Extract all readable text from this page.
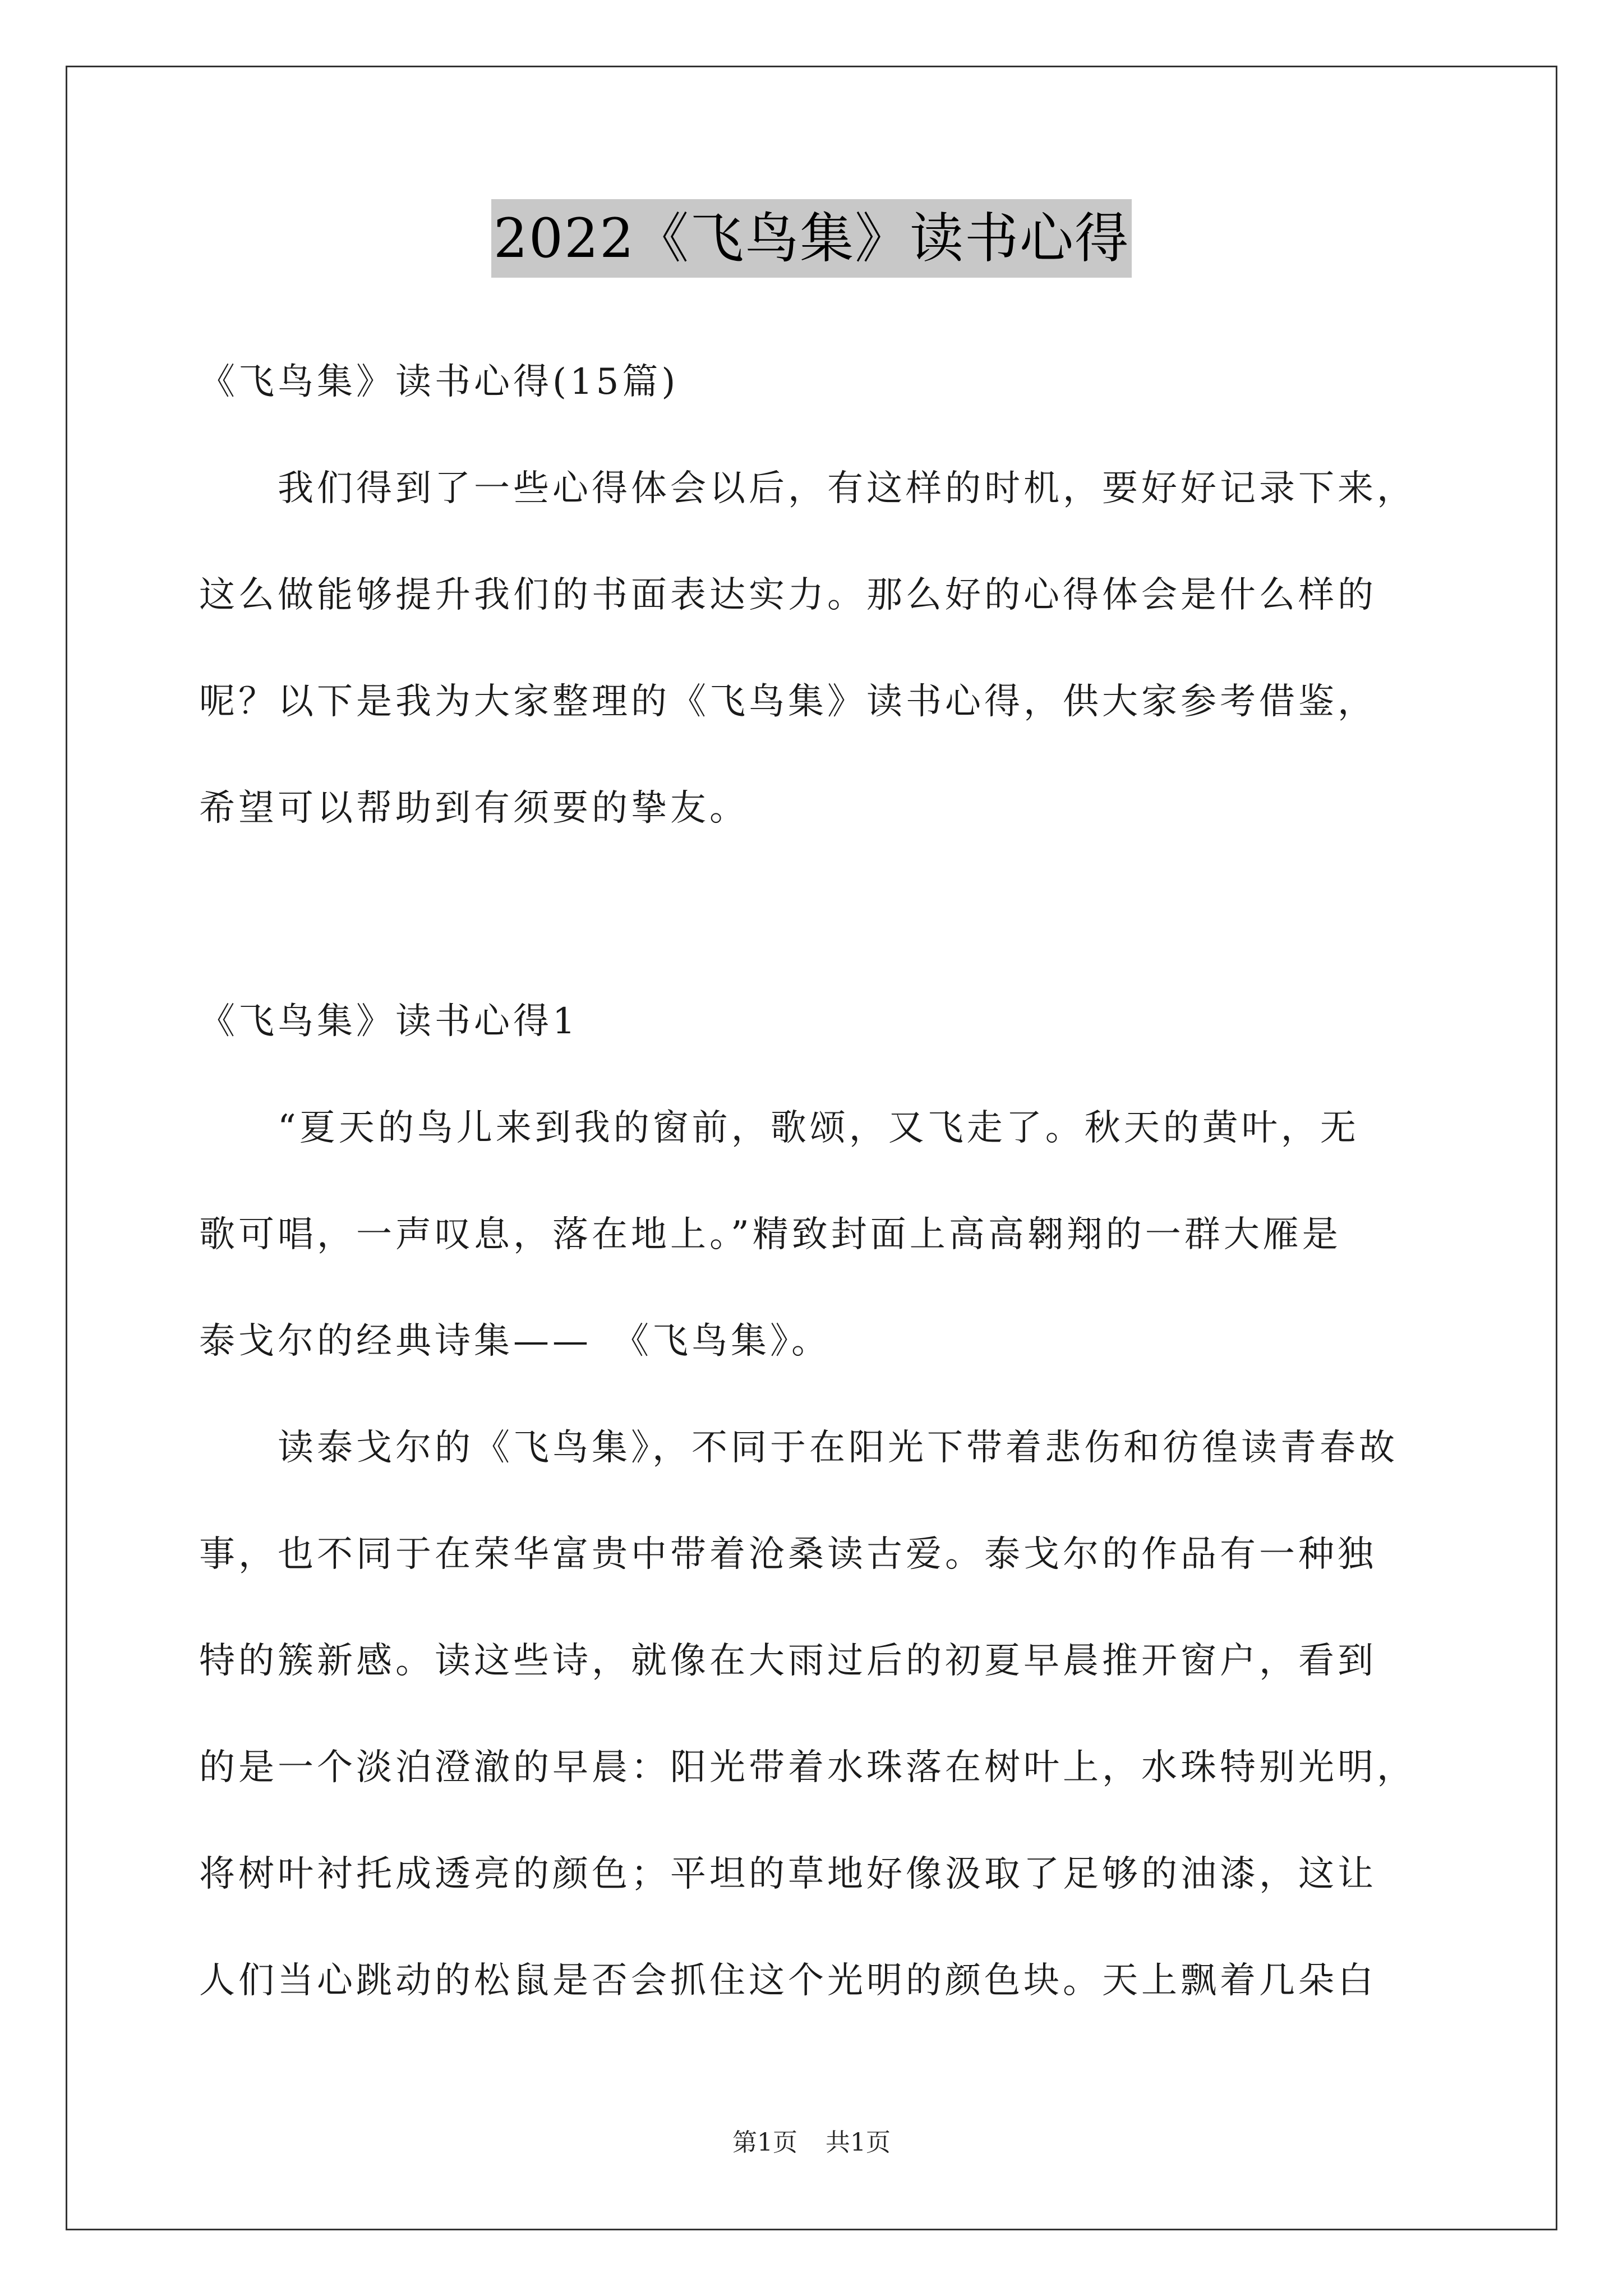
2022《飞鸟集》读书心得
《飞鸟集》读书心得(15篇)
　　我们得到了一些心得体会以后，有这样的时机，要好好记录下来，
这么做能够提升我们的书面表达实力。那么好的心得体会是什么样的
呢？以下是我为大家整理的《飞鸟集》读书心得，供大家参考借鉴，
希望可以帮助到有须要的挚友。
《飞鸟集》读书心得1
　　“夏天的鸟儿来到我的窗前，歌颂，又飞走了。秋天的黄叶，无
歌可唱，一声叹息，落在地上。”精致封面上高高翱翔的一群大雁是
泰戈尔的经典诗集——　《飞鸟集》。
　　读泰戈尔的《飞鸟集》，不同于在阳光下带着悲伤和彷徨读青春故
事，也不同于在荣华富贵中带着沧桑读古爱。泰戈尔的作品有一种独
特的簇新感。读这些诗，就像在大雨过后的初夏早晨推开窗户，看到
的是一个淡泊澄澈的早晨：阳光带着水珠落在树叶上，水珠特别光明，
将树叶衬托成透亮的颜色；平坦的草地好像汲取了足够的油漆，这让
人们当心跳动的松鼠是否会抓住这个光明的颜色块。天上飘着几朵白
第1页 共1页
